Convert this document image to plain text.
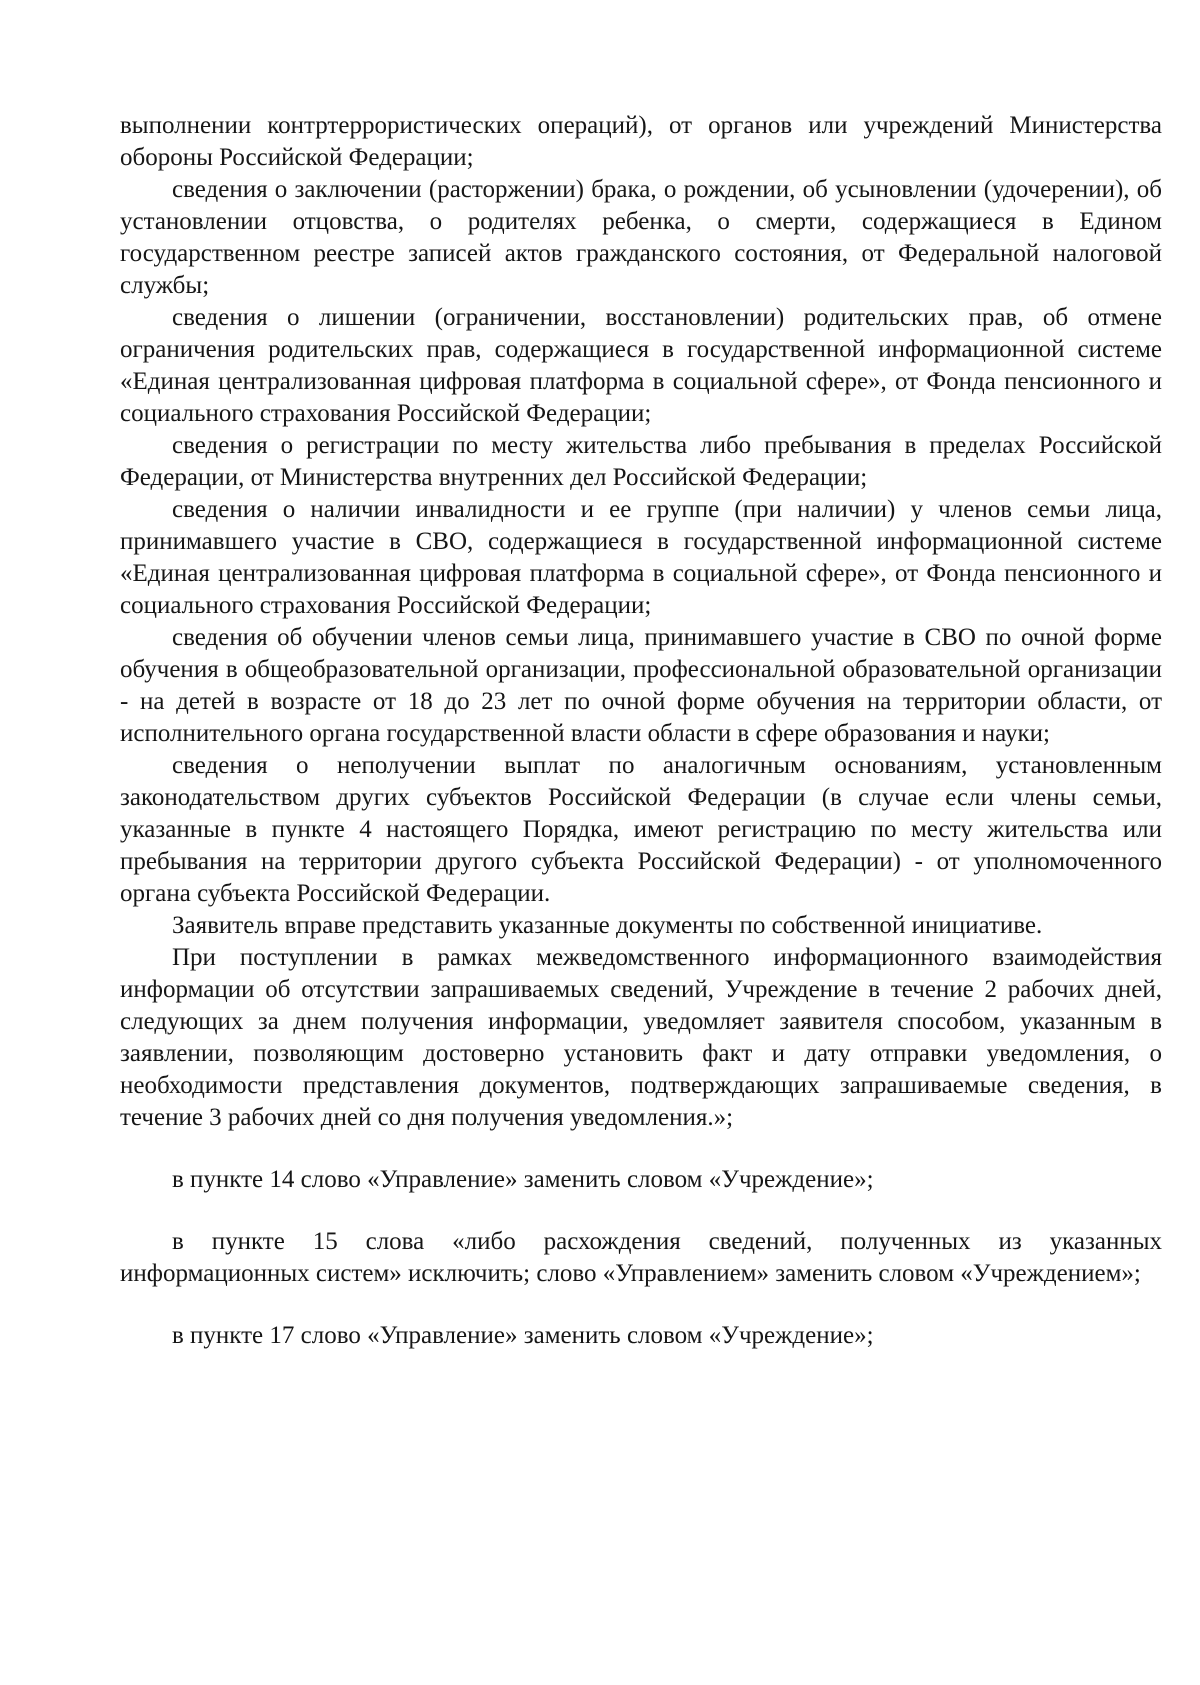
выполнении контртеррористических операций), от органов или учреждений Министерства обороны Российской Федерации;

сведения о заключении (расторжении) брака, о рождении, об усыновлении (удочерении), об установлении отцовства, о родителях ребенка, о смерти, содержащиеся в Едином государственном реестре записей актов гражданского состояния, от Федеральной налоговой службы;

сведения о лишении (ограничении, восстановлении) родительских прав, об отмене ограничения родительских прав, содержащиеся в государственной информационной системе «Единая централизованная цифровая платформа в социальной сфере», от Фонда пенсионного и социального страхования Российской Федерации;

сведения о регистрации по месту жительства либо пребывания в пределах Российской Федерации, от Министерства внутренних дел Российской Федерации;

сведения о наличии инвалидности и ее группе (при наличии) у членов семьи лица, принимавшего участие в СВО, содержащиеся в государственной информационной системе «Единая централизованная цифровая платформа в социальной сфере», от Фонда пенсионного и социального страхования Российской Федерации;

сведения об обучении членов семьи лица, принимавшего участие в СВО по очной форме обучения в общеобразовательной организации, профессиональной образовательной организации - на детей в возрасте от 18 до 23 лет по очной форме обучения на территории области, от исполнительного органа государственной власти области в сфере образования и науки;

сведения о неполучении выплат по аналогичным основаниям, установленным законодательством других субъектов Российской Федерации (в случае если члены семьи, указанные в пункте 4 настоящего Порядка, имеют регистрацию по месту жительства или пребывания на территории другого субъекта Российской Федерации) - от уполномоченного органа субъекта Российской Федерации.

Заявитель вправе представить указанные документы по собственной инициативе.

При поступлении в рамках межведомственного информационного взаимодействия информации об отсутствии запрашиваемых сведений, Учреждение в течение 2 рабочих дней, следующих за днем получения информации, уведомляет заявителя способом, указанным в заявлении, позволяющим достоверно установить факт и дату отправки уведомления, о необходимости представления документов, подтверждающих запрашиваемые сведения, в течение 3 рабочих дней со дня получения уведомления.»;

в пункте 14 слово «Управление» заменить словом «Учреждение»;

в пункте 15 слова «либо расхождения сведений, полученных из указанных информационных систем» исключить; слово «Управлением» заменить словом «Учреждением»;

в пункте 17 слово «Управление» заменить словом «Учреждение»;
